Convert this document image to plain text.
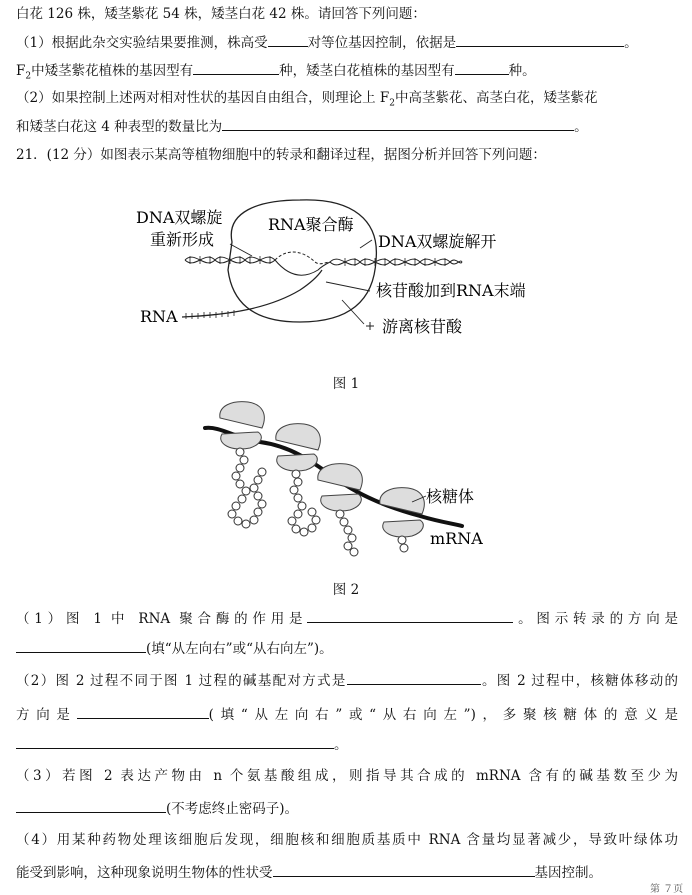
白花 126 株，矮茎紫花 54 株，矮茎白花 42 株。请回答下列问题：
（1）根据此杂交实验结果要推测，株高受	对等位基因控制，依据是	。
$F_2$中矮茎紫花植株的基因型有	种，矮茎白花植株的基因型有	种。
（2）如果控制上述两对相对性状的基因自由组合，则理论上 $F_2$中高茎紫花、高茎白花，矮茎紫花
和矮茎白花这 4 种表型的数量比为	。
21．(12 分）如图表示某高等植物细胞中的转录和翻译过程，据图分析并回答下列问题：
DNA双螺旋
重新形成
RNA聚合酶
DNA双螺旋解开
核苷酸加到RNA末端
RNA
游离核苷酸
图 1
核糖体
mRNA
图 2
（1）图 1 中 RNA 聚合酶的作用是	。图示转录的方向是
(填“从左向右”或“从右向左”)。
（2）图 2 过程不同于图 1 过程的碱基配对方式是	。图 2 过程中，核糖体移动的
方向是	(填“从左向右”或“从右向左”)，多聚核糖体的意义是
。
（3）若图 2 表达产物由 n 个氨基酸组成，则指导其合成的 mRNA 含有的碱基数至少为
(不考虑终止密码子)。
（4）用某种药物处理该细胞后发现，细胞核和细胞质基质中 RNA 含量均显著减少，导致叶绿体功
能受到影响，这种现象说明生物体的性状受	基因控制。
第 ７页
